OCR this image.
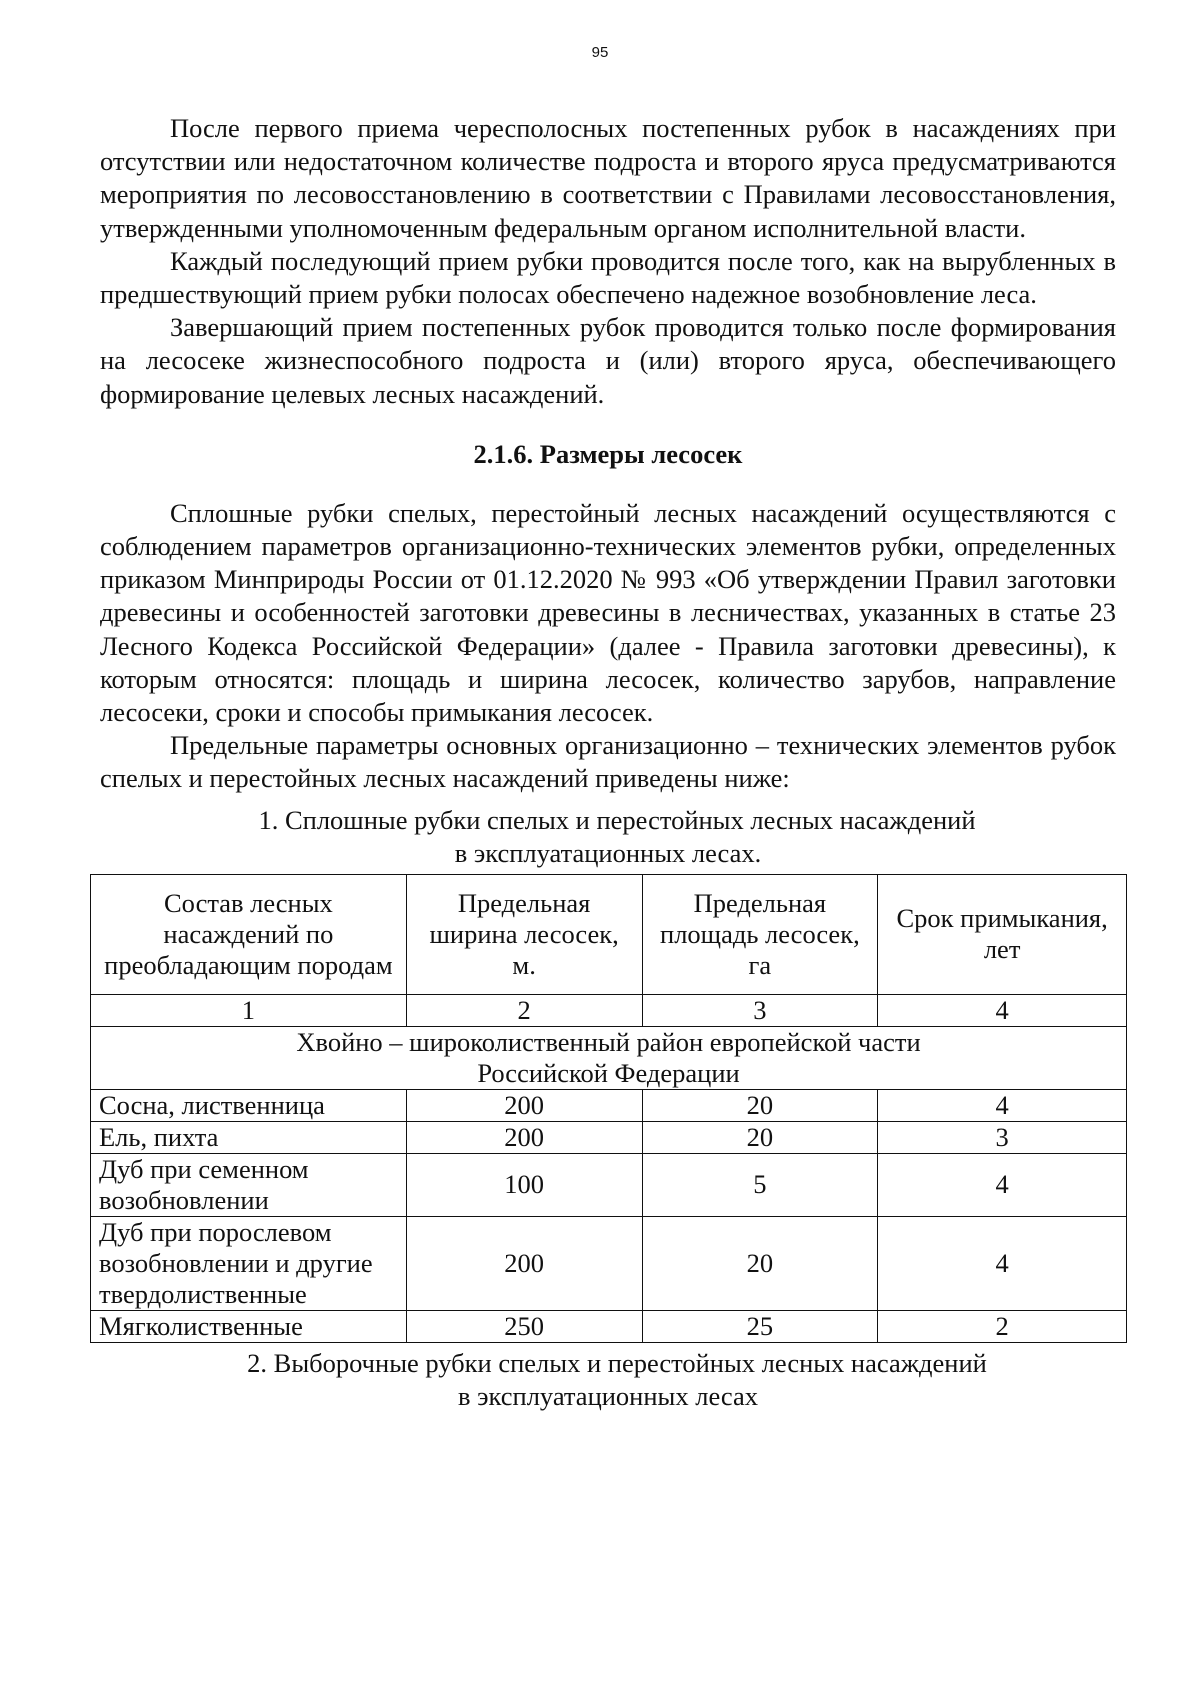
95

После первого приема чересполосных постепенных рубок в насаждениях при отсутствии или недостаточном количестве подроста и второго яруса предусматриваются мероприятия по лесовосстановлению в соответствии с Правилами лесовосстановления, утвержденными уполномоченным федеральным органом исполнительной власти.

Каждый последующий прием рубки проводится после того, как на вырубленных в предшествующий прием рубки полосах обеспечено надежное возобновление леса.

Завершающий прием постепенных рубок проводится только после формирования на лесосеке жизнеспособного подроста и (или) второго яруса, обеспечивающего формирование целевых лесных насаждений.

2.1.6. Размеры лесосек

Сплошные рубки спелых, перестойный лесных насаждений осуществляются с соблюдением параметров организационно-технических элементов рубки, определенных приказом Минприроды России от 01.12.2020 № 993 «Об утверждении Правил заготовки древесины и особенностей заготовки древесины в лесничествах, указанных в статье 23 Лесного Кодекса Российской Федерации» (далее - Правила заготовки древесины), к которым относятся: площадь и ширина лесосек, количество зарубов, направление лесосеки, сроки и способы примыкания лесосек.

Предельные параметры основных организационно – технических элементов рубок спелых и перестойных лесных насаждений приведены ниже:

1. Сплошные рубки спелых и перестойных лесных насаждений
в эксплуатационных лесах.
Состав лесных насаждений по преобладающим породам	Предельная ширина лесосек, м.	Предельная площадь лесосек, га	Срок примыкания, лет
1	2	3	4

Хвойно – широколиственный район европейской части
Российской Федерации			

Сосна, лиственница	200	20	4
Ель, пихта	200	20	3
Дуб при семенном возобновлении	100	5	4
Дуб при порослевом возобновлении и другие твердолиственные	200	20	4
Мягколиственные	250	25	2
2. Выборочные рубки спелых и перестойных лесных насаждений
в эксплуатационных лесах
